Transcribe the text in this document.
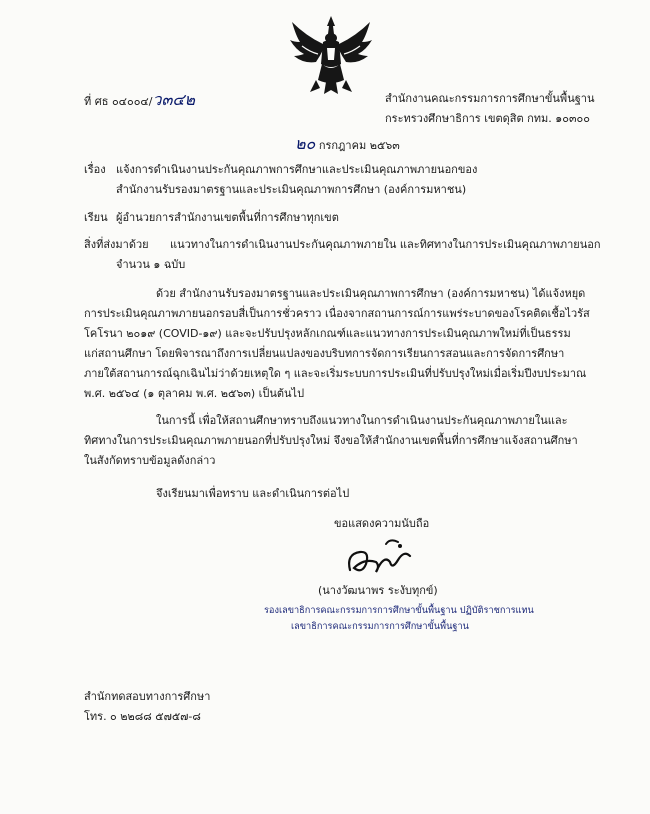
ที่ ศธ ๐๔๐๐๔/ว๓๔๒	สำนักงานคณะกรรมการการศึกษาขั้นพื้นฐาน
กระทรวงศึกษาธิการ เขตดุสิต กทม. ๑๐๓๐๐
๒๐ กรกฎาคม ๒๕๖๓
เรื่อง แจ้งการดำเนินงานประกันคุณภาพการศึกษาและประเมินคุณภาพภายนอกของ
สำนักงานรับรองมาตรฐานและประเมินคุณภาพการศึกษา (องค์การมหาชน)
เรียน ผู้อำนวยการสำนักงานเขตพื้นที่การศึกษาทุกเขต
สิ่งที่ส่งมาด้วย แนวทางในการดำเนินงานประกันคุณภาพภายใน และทิศทางในการประเมินคุณภาพภายนอก
จำนวน ๑ ฉบับ
ด้วย สำนักงานรับรองมาตรฐานและประเมินคุณภาพการศึกษา (องค์การมหาชน) ได้แจ้งหยุด
การประเมินคุณภาพภายนอกรอบสี่เป็นการชั่วคราว เนื่องจากสถานการณ์การแพร่ระบาดของโรคติดเชื้อไวรัส
โคโรนา ๒๐๑๙ (COVID-๑๙) และจะปรับปรุงหลักเกณฑ์และแนวทางการประเมินคุณภาพใหม่ที่เป็นธรรม
แก่สถานศึกษา โดยพิจารณาถึงการเปลี่ยนแปลงของบริบทการจัดการเรียนการสอนและการจัดการศึกษา
ภายใต้สถานการณ์ฉุกเฉินไม่ว่าด้วยเหตุใด ๆ และจะเริ่มระบบการประเมินที่ปรับปรุงใหม่เมื่อเริ่มปีงบประมาณ
พ.ศ. ๒๕๖๔ (๑ ตุลาคม พ.ศ. ๒๕๖๓) เป็นต้นไป
ในการนี้ เพื่อให้สถานศึกษาทราบถึงแนวทางในการดำเนินงานประกันคุณภาพภายในและ
ทิศทางในการประเมินคุณภาพภายนอกที่ปรับปรุงใหม่ จึงขอให้สำนักงานเขตพื้นที่การศึกษาแจ้งสถานศึกษา
ในสังกัดทราบข้อมูลดังกล่าว
จึงเรียนมาเพื่อทราบ และดำเนินการต่อไป
ขอแสดงความนับถือ
(นางวัฒนาพร ระงับทุกข์)
รองเลขาธิการคณะกรรมการการศึกษาขั้นพื้นฐาน ปฏิบัติราชการแทน
เลขาธิการคณะกรรมการการศึกษาขั้นพื้นฐาน
สำนักทดสอบทางการศึกษา
โทร. ๐ ๒๒๘๘ ๕๗๕๗-๘
